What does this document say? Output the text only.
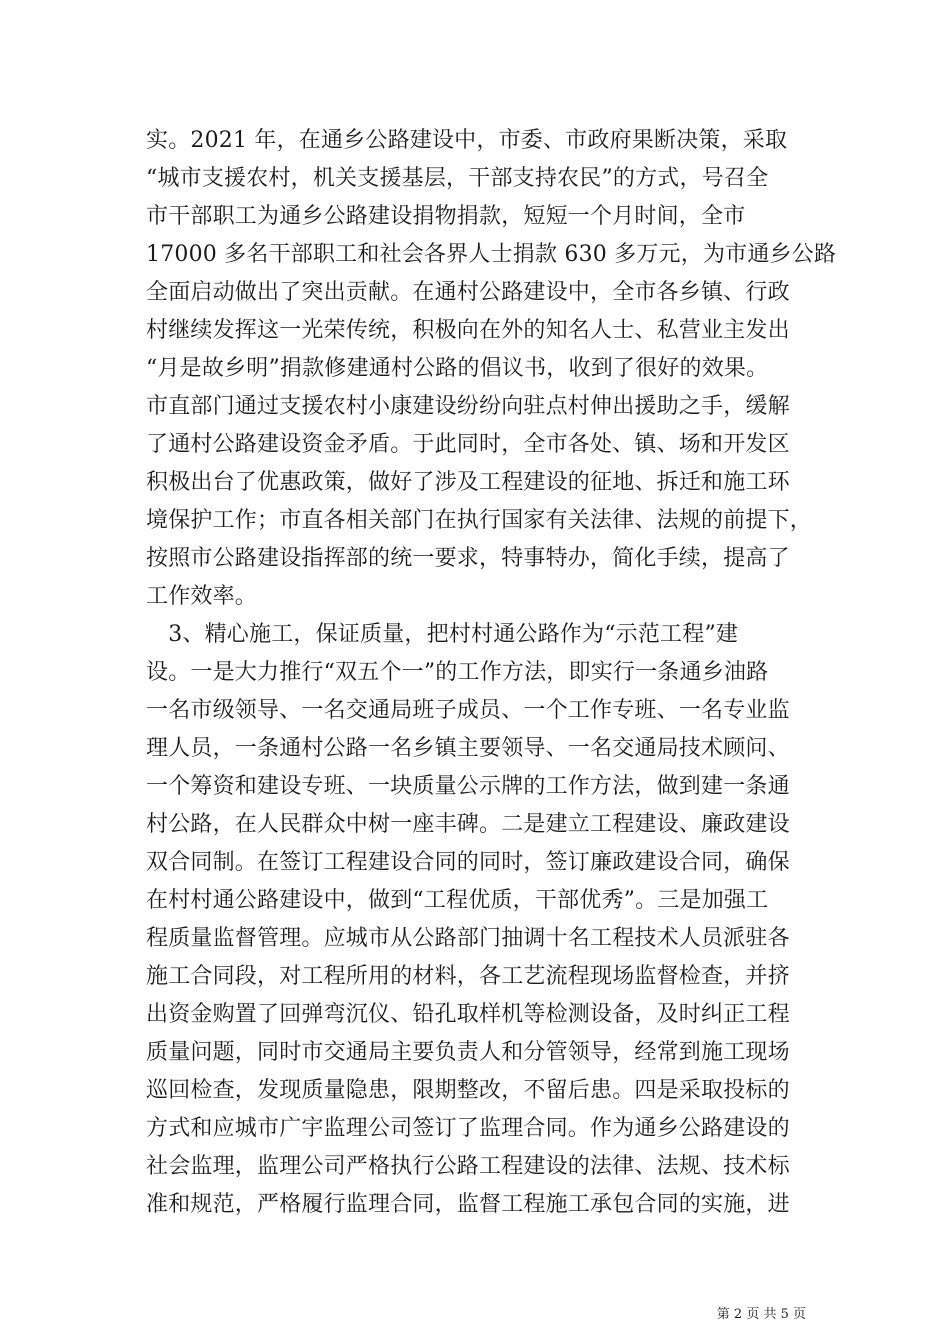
实。2021 年，在通乡公路建设中，市委、市政府果断决策，采取
“城市支援农村，机关支援基层，干部支持农民”的方式，号召全
市干部职工为通乡公路建设捐物捐款，短短一个月时间，全市
17000 多名干部职工和社会各界人士捐款 630 多万元，为市通乡公路
全面启动做出了突出贡献。在通村公路建设中，全市各乡镇、行政
村继续发挥这一光荣传统，积极向在外的知名人士、私营业主发出
“月是故乡明”捐款修建通村公路的倡议书，收到了很好的效果。
市直部门通过支援农村小康建设纷纷向驻点村伸出援助之手，缓解
了通村公路建设资金矛盾。于此同时，全市各处、镇、场和开发区
积极出台了优惠政策，做好了涉及工程建设的征地、拆迁和施工环
境保护工作；市直各相关部门在执行国家有关法律、法规的前提下，
按照市公路建设指挥部的统一要求，特事特办，简化手续，提高了
工作效率。
　3、精心施工，保证质量，把村村通公路作为“示范工程”建
设。一是大力推行“双五个一”的工作方法，即实行一条通乡油路
一名市级领导、一名交通局班子成员、一个工作专班、一名专业监
理人员，一条通村公路一名乡镇主要领导、一名交通局技术顾问、
一个筹资和建设专班、一块质量公示牌的工作方法，做到建一条通
村公路，在人民群众中树一座丰碑。二是建立工程建设、廉政建设
双合同制。在签订工程建设合同的同时，签订廉政建设合同，确保
在村村通公路建设中，做到“工程优质，干部优秀”。三是加强工
程质量监督管理。应城市从公路部门抽调十名工程技术人员派驻各
施工合同段，对工程所用的材料，各工艺流程现场监督检查，并挤
出资金购置了回弹弯沉仪、铅孔取样机等检测设备，及时纠正工程
质量问题，同时市交通局主要负责人和分管领导，经常到施工现场
巡回检查，发现质量隐患，限期整改，不留后患。四是采取投标的
方式和应城市广宇监理公司签订了监理合同。作为通乡公路建设的
社会监理，监理公司严格执行公路工程建设的法律、法规、技术标
准和规范，严格履行监理合同，监督工程施工承包合同的实施，进
第 2 页 共 5 页
